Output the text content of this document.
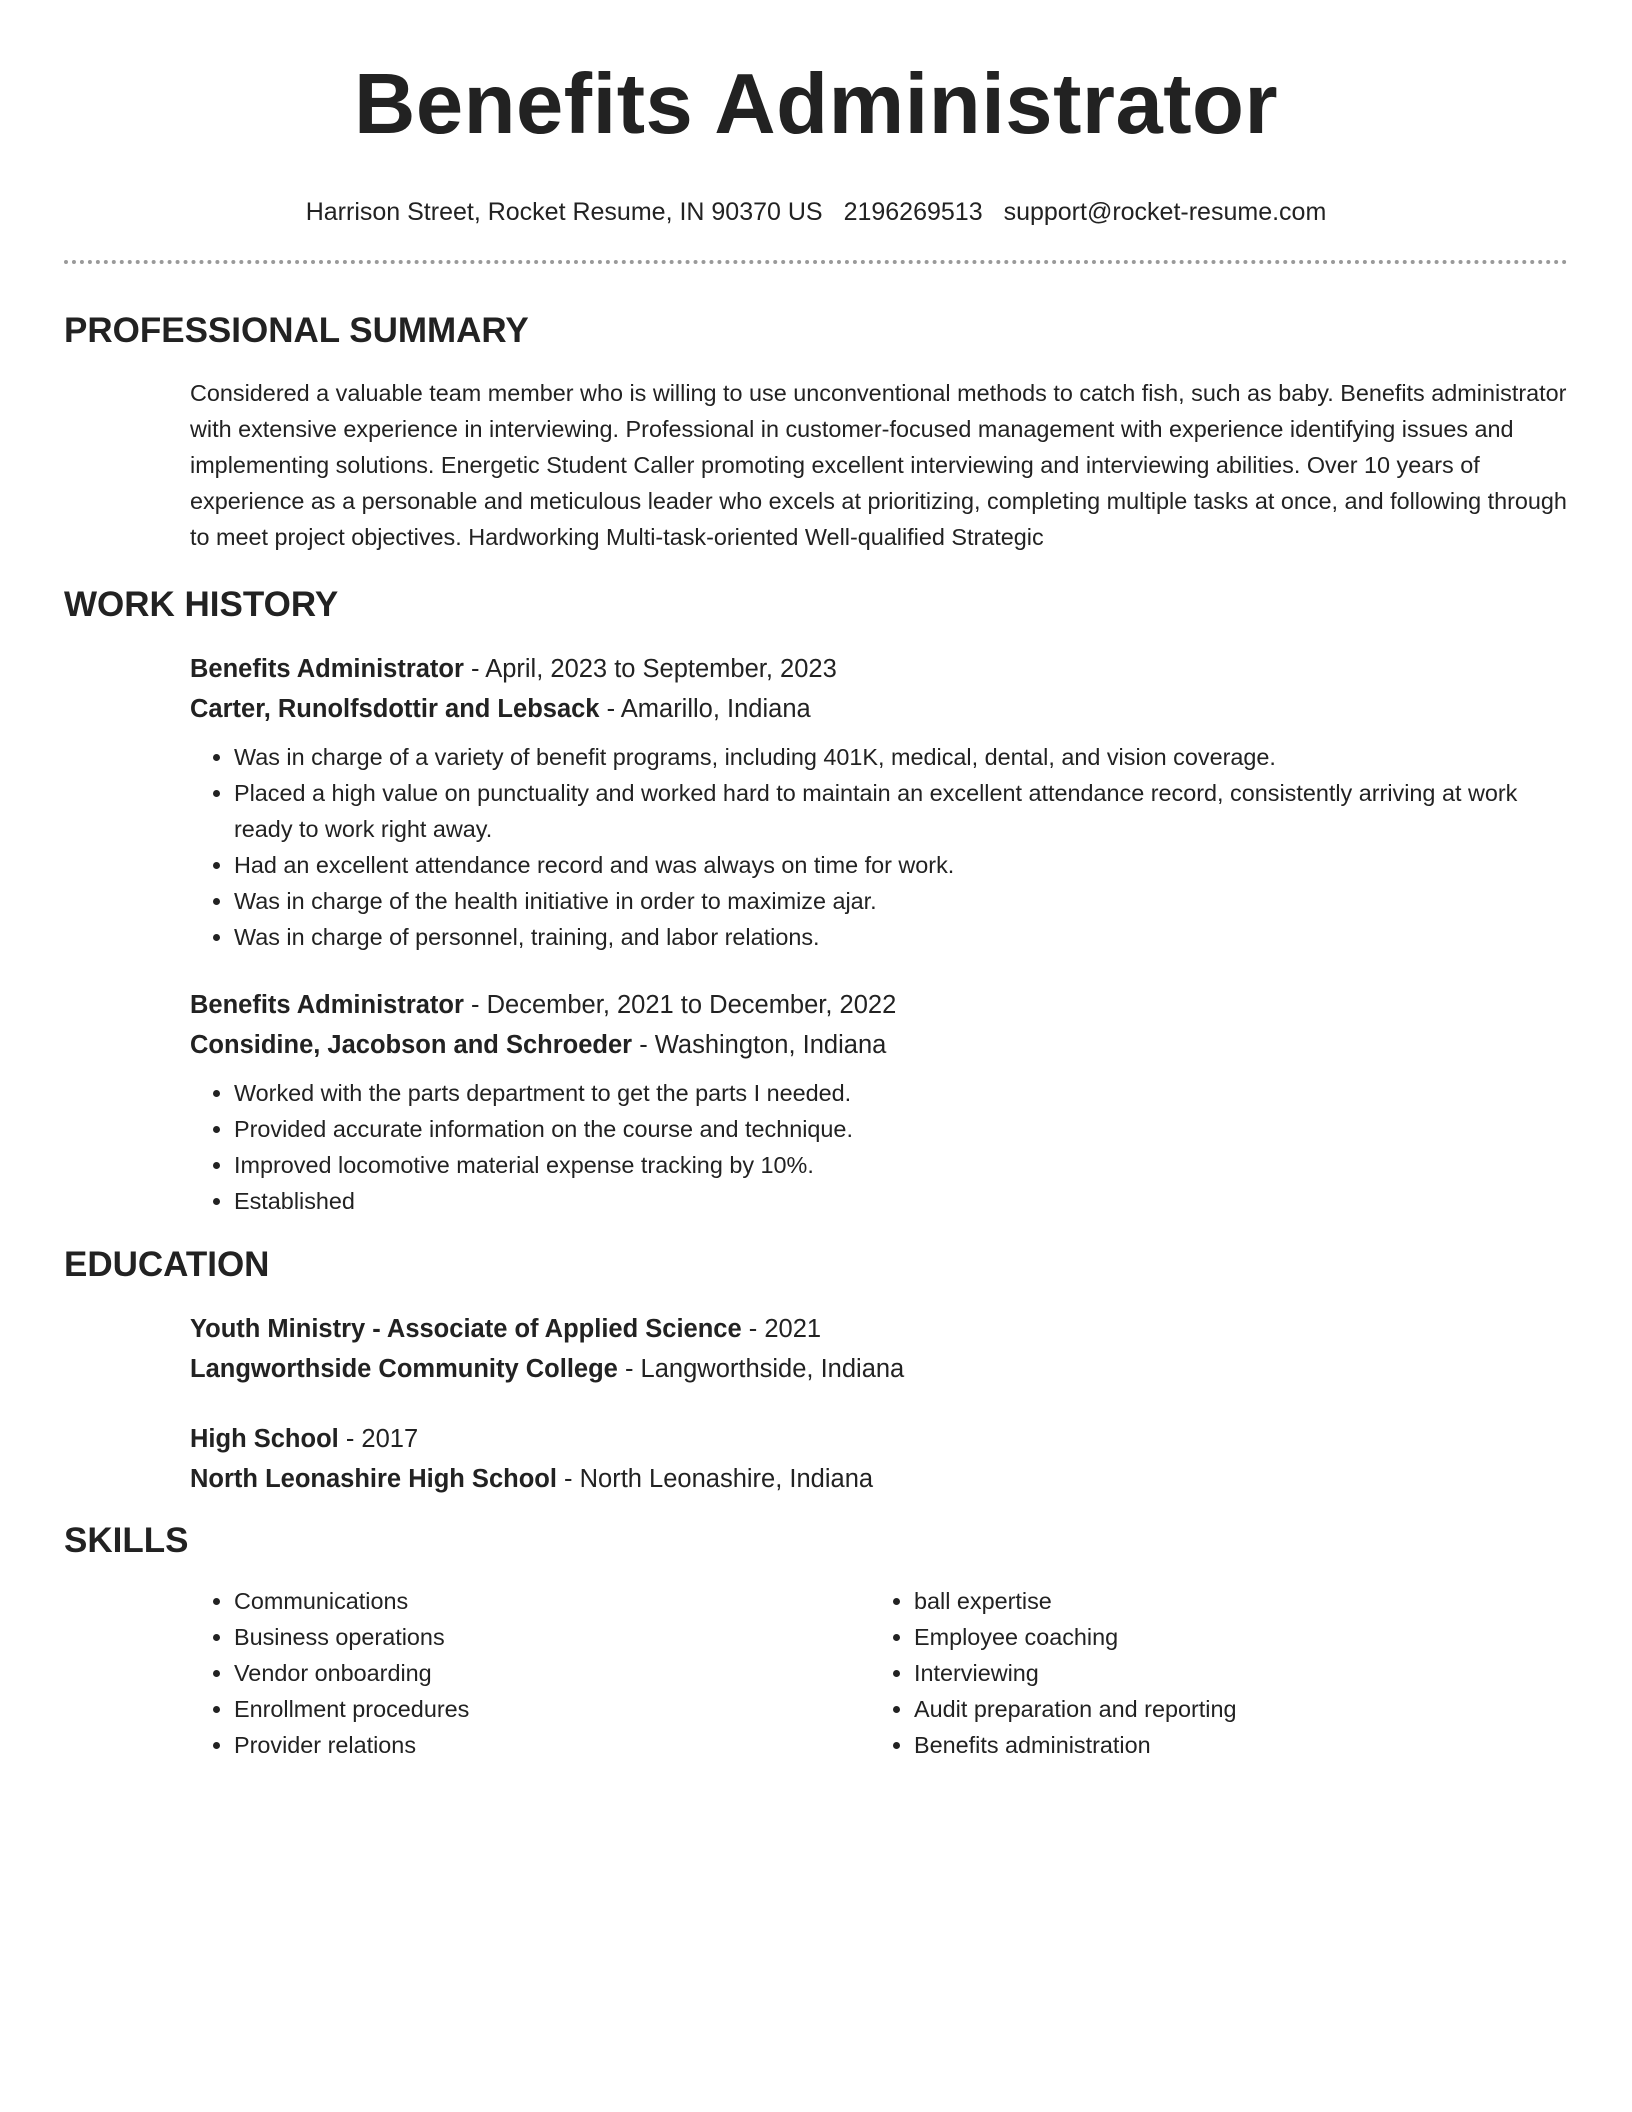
Benefits Administrator
Harrison Street, Rocket Resume, IN 90370 US 2196269513 support@rocket-resume.com
PROFESSIONAL SUMMARY

Considered a valuable team member who is willing to use unconventional methods to catch fish, such as baby. Benefits administrator with extensive experience in interviewing. Professional in customer-focused management with experience identifying issues and implementing solutions. Energetic Student Caller promoting excellent interviewing and interviewing abilities. Over 10 years of experience as a personable and meticulous leader who excels at prioritizing, completing multiple tasks at once, and following through to meet project objectives. Hardworking Multi-task-oriented Well-qualified Strategic

WORK HISTORY
Benefits Administrator - April, 2023 to September, 2023
Carter, Runolfsdottir and Lebsack - Amarillo, Indiana
• Was in charge of a variety of benefit programs, including 401K, medical, dental, and vision coverage.
• Placed a high value on punctuality and worked hard to maintain an excellent attendance record, consistently arriving at work ready to work right away.
• Had an excellent attendance record and was always on time for work.
• Was in charge of the health initiative in order to maximize ajar.
• Was in charge of personnel, training, and labor relations.
Benefits Administrator - December, 2021 to December, 2022
Considine, Jacobson and Schroeder - Washington, Indiana
• Worked with the parts department to get the parts I needed.
• Provided accurate information on the course and technique.
• Improved locomotive material expense tracking by 10%.
• Established
EDUCATION
Youth Ministry - Associate of Applied Science - 2021
Langworthside Community College - Langworthside, Indiana
High School - 2017
North Leonashire High School - North Leonashire, Indiana
SKILLS
• Communications
• Business operations
• Vendor onboarding
• Enrollment procedures
• Provider relations
• ball expertise
• Employee coaching
• Interviewing
• Audit preparation and reporting
• Benefits administration
